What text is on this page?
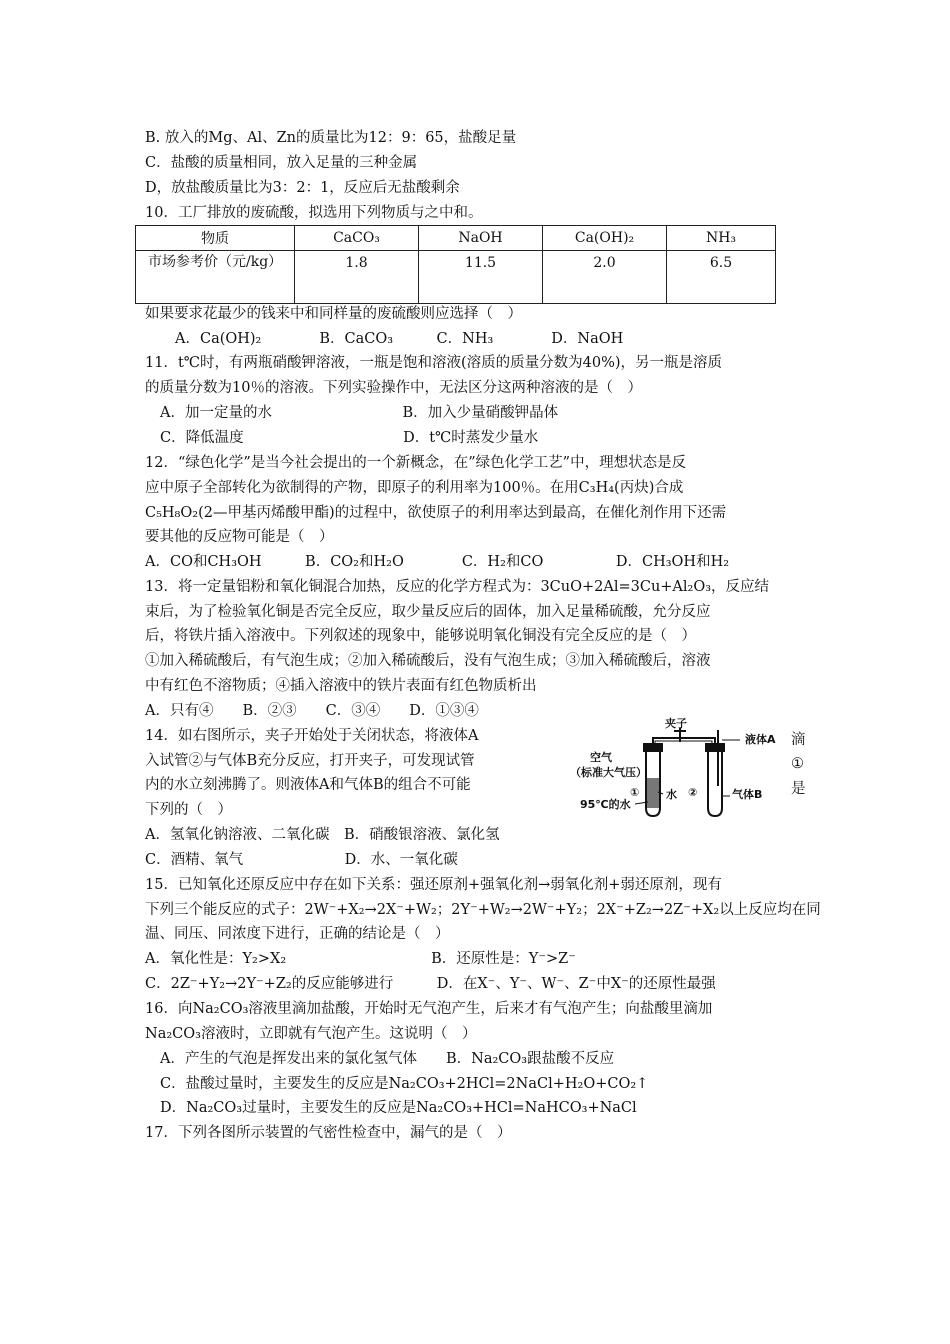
B. 放入的Mg、Al、Zn的质量比为12：9：65，盐酸足量
C．盐酸的质量相同，放入足量的三种金属
D，放盐酸质量比为3：2：1，反应后无盐酸剩余
10．工厂排放的废硫酸，拟选用下列物质与之中和。
物质	CaCO₃	NaOH	Ca(OH)₂	NH₃
市场参考价（元/kg）	1.8	11.5	2.0	6.5
如果要求花最少的钱来中和同样量的废硫酸则应选择（　）
A．Ca(OH)₂　　　　B．CaCO₃　　　C．NH₃　　　　D．NaOH
11．t℃时，有两瓶硝酸钾溶液，一瓶是饱和溶液(溶质的质量分数为40%)，另一瓶是溶质
的质量分数为10％的溶液。下列实验操作中，无法区分这两种溶液的是（　）
A．加一定量的水　　　　　　　　　B．加入少量硝酸钾晶体
C．降低温度　　　　　　　　　　　D．t℃时蒸发少量水
12．“绿色化学”是当今社会提出的一个新概念，在”绿色化学工艺”中，理想状态是反
应中原子全部转化为欲制得的产物，即原子的利用率为100％。在用C₃H₄(丙炔)合成
C₅H₈O₂(2—甲基丙烯酸甲酯)的过程中，欲使原子的利用率达到最高，在催化剂作用下还需
要其他的反应物可能是（　）
A．CO和CH₃OH　　　B．CO₂和H₂O　　　　C．H₂和CO　　　　　D．CH₃OH和H₂
13．将一定量铝粉和氧化铜混合加热，反应的化学方程式为：3CuO+2Al=3Cu+Al₂O₃，反应结
束后，为了检验氧化铜是否完全反应，取少量反应后的固体，加入足量稀硫酸，允分反应
后，将铁片插入溶液中。下列叙述的现象中，能够说明氧化铜没有完全反应的是（　）
①加入稀硫酸后，有气泡生成；②加入稀硫酸后，没有气泡生成；③加入稀硫酸后，溶液
中有红色不溶物质；④插入溶液中的铁片表面有红色物质析出
A．只有④　　B．②③　　C．③④　　D．①③④
14．如右图所示，夹子开始处于关闭状态，将液体A
入试管②与气体B充分反应，打开夹子，可发现试管
内的水立刻沸腾了。则液体A和气体B的组合不可能
下列的（　）
滴
①
是
夹子
液体A
空气
（标准大气压）
①	②
水	气体B
95℃的水
A．氢氧化钠溶液、二氧化碳　B．硝酸银溶液、氯化氢
C．酒精、氧气　　　　　　　D．水、一氧化碳
15．已知氧化还原反应中存在如下关系：强还原剂+强氧化剂→弱氧化剂+弱还原剂，现有
下列三个能反应的式子：2W⁻+X₂→2X⁻+W₂；2Y⁻+W₂→2W⁻+Y₂；2X⁻+Z₂→2Z⁻+X₂以上反应均在同
温、同压、同浓度下进行，正确的结论是（　）
A．氧化性是：Y₂>X₂　　　　　　　　　　B．还原性是：Y⁻>Z⁻
C．2Z⁻+Y₂→2Y⁻+Z₂的反应能够进行　　　D．在X⁻、Y⁻、W⁻、Z⁻中X⁻的还原性最强
16．向Na₂CO₃溶液里滴加盐酸，开始时无气泡产生，后来才有气泡产生；向盐酸里滴加
Na₂CO₃溶液时，立即就有气泡产生。这说明（　）
A．产生的气泡是挥发出来的氯化氢气体　　B．Na₂CO₃跟盐酸不反应
C．盐酸过量时，主要发生的反应是Na₂CO₃+2HCl=2NaCl+H₂O+CO₂↑
D．Na₂CO₃过量时，主要发生的反应是Na₂CO₃+HCl=NaHCO₃+NaCl
17．下列各图所示装置的气密性检查中，漏气的是（　）
